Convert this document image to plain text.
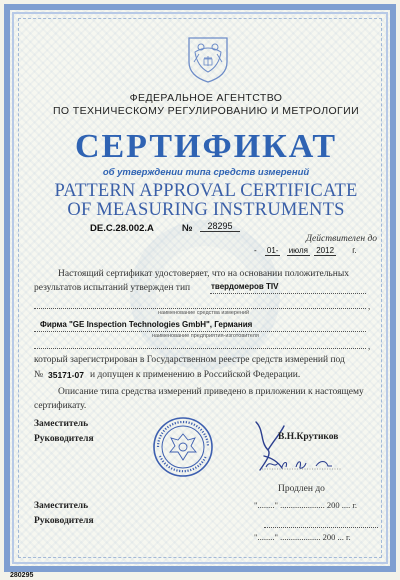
ФЕДЕРАЛЬНОЕ АГЕНТСТВО
ПО ТЕХНИЧЕСКОМУ РЕГУЛИРОВАНИЮ И МЕТРОЛОГИИ
СЕРТИФИКАТ
об утверждении типа средств измерений
PATTERN APPROVAL CERTIFICATE
OF MEASURING INSTRUMENTS
DE.C.28.002.A	№	28295
Действителен до
- 01- июля 2012 г.
Настоящий сертификат удостоверяет, что на основании положительных
результатов испытаний утвержден тип	твердомеров TIV
наименование средства измерений
,
Фирма "GE Inspection Technologies GmbH", Германия
наименование предприятия-изготовителя
,
который зарегистрирован в Государственном реестре средств измерений под
№ 35171-07 и допущен к применению в Российской Федерации.
Описание типа средства измерений приведено в приложении к настоящему
сертификату.
Заместитель
Руководителя	В.Н.Крутиков
Продлен до
"........" ..................... 200 .... г.
Заместитель
Руководителя
"........" ................... 200 ... г.
280295
